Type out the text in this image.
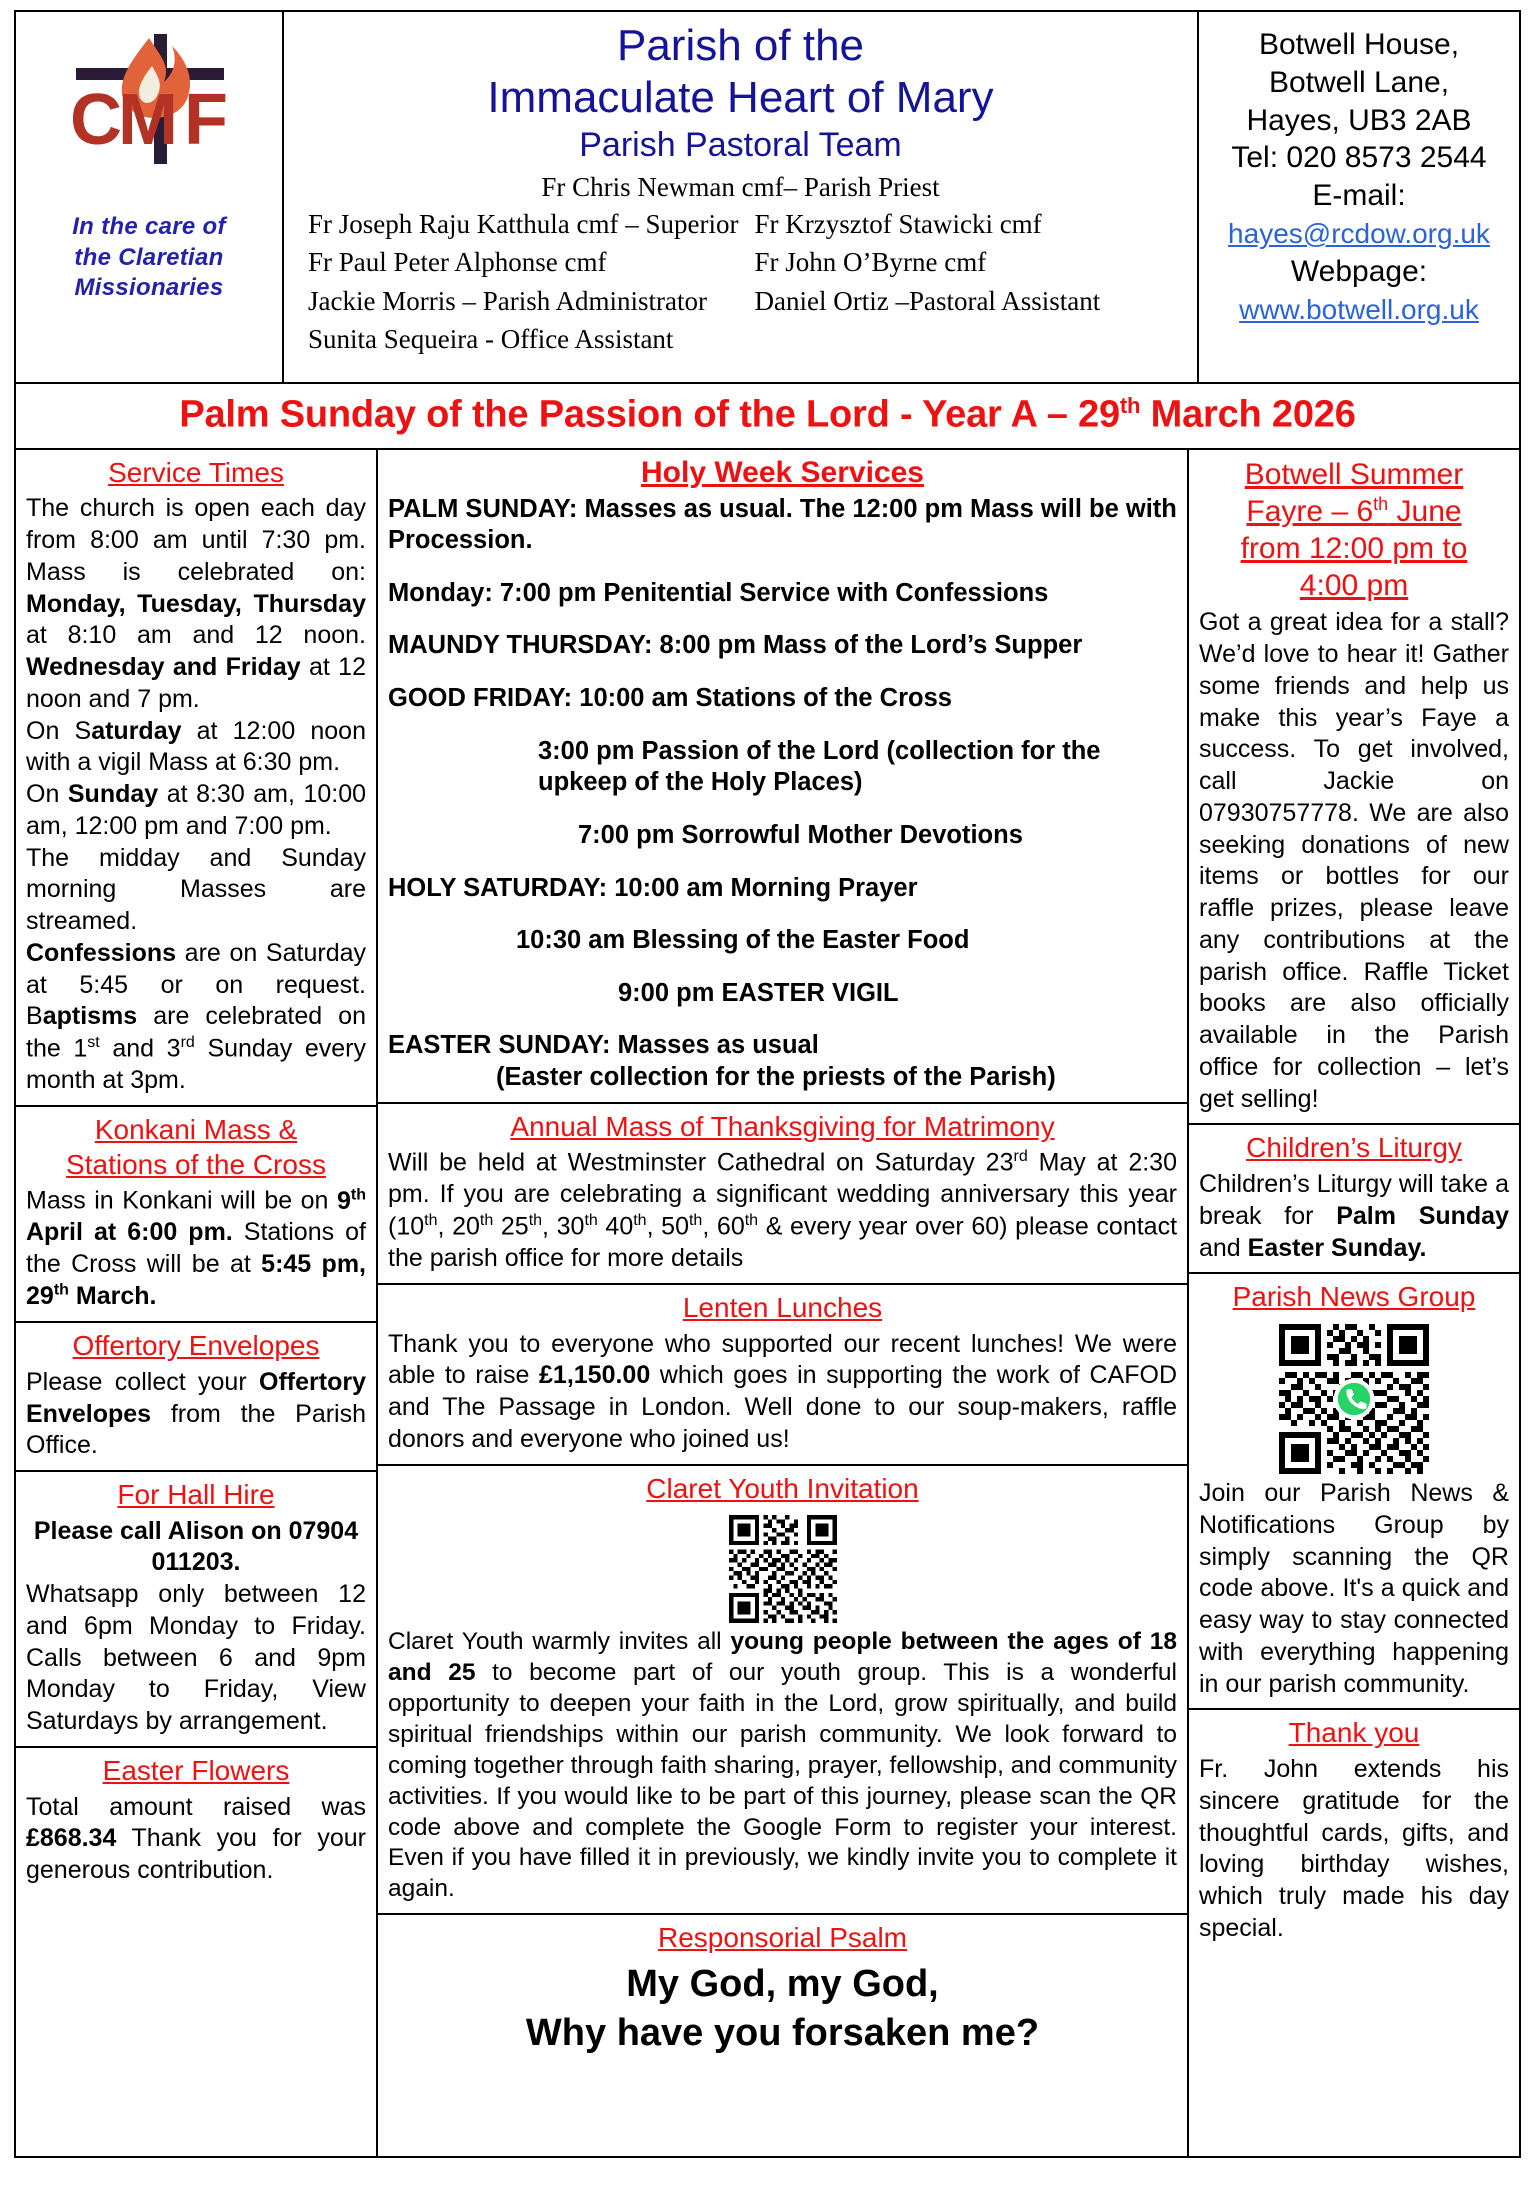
C
M F
In the care of
the Claretian
Missionaries
Parish of the
Immaculate Heart of Mary
Parish Pastoral Team
Fr Chris Newman cmf– Parish Priest
Fr Joseph Raju Katthula cmf – Superior Fr Krzysztof Stawicki cmf
Fr Paul Peter Alphonse cmf	Fr John O’Byrne cmf
Jackie Morris – Parish Administrator	Daniel Ortiz –Pastoral Assistant
Sunita Sequeira - Office Assistant
Botwell House,
Botwell Lane,
Hayes, UB3 2AB
Tel: 020 8573 2544
E-mail:
hayes@rcdow.org.uk
Webpage:
www.botwell.org.uk
Palm Sunday of the Passion of the Lord - Year A – 29th March 2026
Service Times
The church is open each day from 8:00 am until 7:30 pm. Mass is celebrated on: Monday, Tuesday, Thursday at 8:10 am and 12 noon. Wednesday and Friday at 12 noon and 7 pm.
On Saturday at 12:00 noon with a vigil Mass at 6:30 pm.
On Sunday at 8:30 am, 10:00 am, 12:00 pm and 7:00 pm.
The midday and Sunday morning Masses are streamed.
Confessions are on Saturday at 5:45 or on request. Baptisms are celebrated on the 1st and 3rd Sunday every month at 3pm.
Konkani Mass &
Stations of the Cross
Mass in Konkani will be on 9th April at 6:00 pm. Stations of the Cross will be at 5:45 pm, 29th March.
Offertory Envelopes
Please collect your Offertory Envelopes from the Parish Office.
For Hall Hire
Please call Alison on 07904 011203.
Whatsapp only between 12 and 6pm Monday to Friday. Calls between 6 and 9pm Monday to Friday, View Saturdays by arrangement.
Easter Flowers
Total amount raised was £868.34 Thank you for your generous contribution.
Holy Week Services
PALM SUNDAY: Masses as usual. The 12:00 pm Mass will be with Procession.
Monday: 7:00 pm Penitential Service with Confessions
MAUNDY THURSDAY: 8:00 pm Mass of the Lord’s Supper
GOOD FRIDAY: 10:00 am Stations of the Cross
3:00 pm Passion of the Lord (collection for the upkeep of the Holy Places)
7:00 pm Sorrowful Mother Devotions
HOLY SATURDAY: 10:00 am Morning Prayer
10:30 am Blessing of the Easter Food
9:00 pm EASTER VIGIL
EASTER SUNDAY: Masses as usual
(Easter collection for the priests of the Parish)
Annual Mass of Thanksgiving for Matrimony
Will be held at Westminster Cathedral on Saturday 23rd May at 2:30 pm. If you are celebrating a significant wedding anniversary this year (10th, 20th 25th, 30th 40th, 50th, 60th & every year over 60) please contact the parish office for more details
Lenten Lunches
Thank you to everyone who supported our recent lunches! We were able to raise £1,150.00 which goes in supporting the work of CAFOD and The Passage in London. Well done to our soup-makers, raffle donors and everyone who joined us!
Claret Youth Invitation
Claret Youth warmly invites all young people between the ages of 18 and 25 to become part of our youth group. This is a wonderful opportunity to deepen your faith in the Lord, grow spiritually, and build spiritual friendships within our parish community. We look forward to coming together through faith sharing, prayer, fellowship, and community activities. If you would like to be part of this journey, please scan the QR code above and complete the Google Form to register your interest. Even if you have filled it in previously, we kindly invite you to complete it again.
Responsorial Psalm
My God, my God,
Why have you forsaken me?
Botwell Summer
Fayre – 6th June
from 12:00 pm to
4:00 pm
Got a great idea for a stall? We’d love to hear it! Gather some friends and help us make this year’s Faye a success. To get involved, call Jackie on 07930757778. We are also seeking donations of new items or bottles for our raffle prizes, please leave any contributions at the parish office. Raffle Ticket books are also officially available in the Parish office for collection – let’s get selling!
Children’s Liturgy
Children’s Liturgy will take a break for Palm Sunday and Easter Sunday.
Parish News Group
Join our Parish News & Notifications Group by simply scanning the QR code above. It's a quick and easy way to stay connected with everything happening in our parish community.
Thank you
Fr. John extends his sincere gratitude for the thoughtful cards, gifts, and loving birthday wishes, which truly made his day special.
